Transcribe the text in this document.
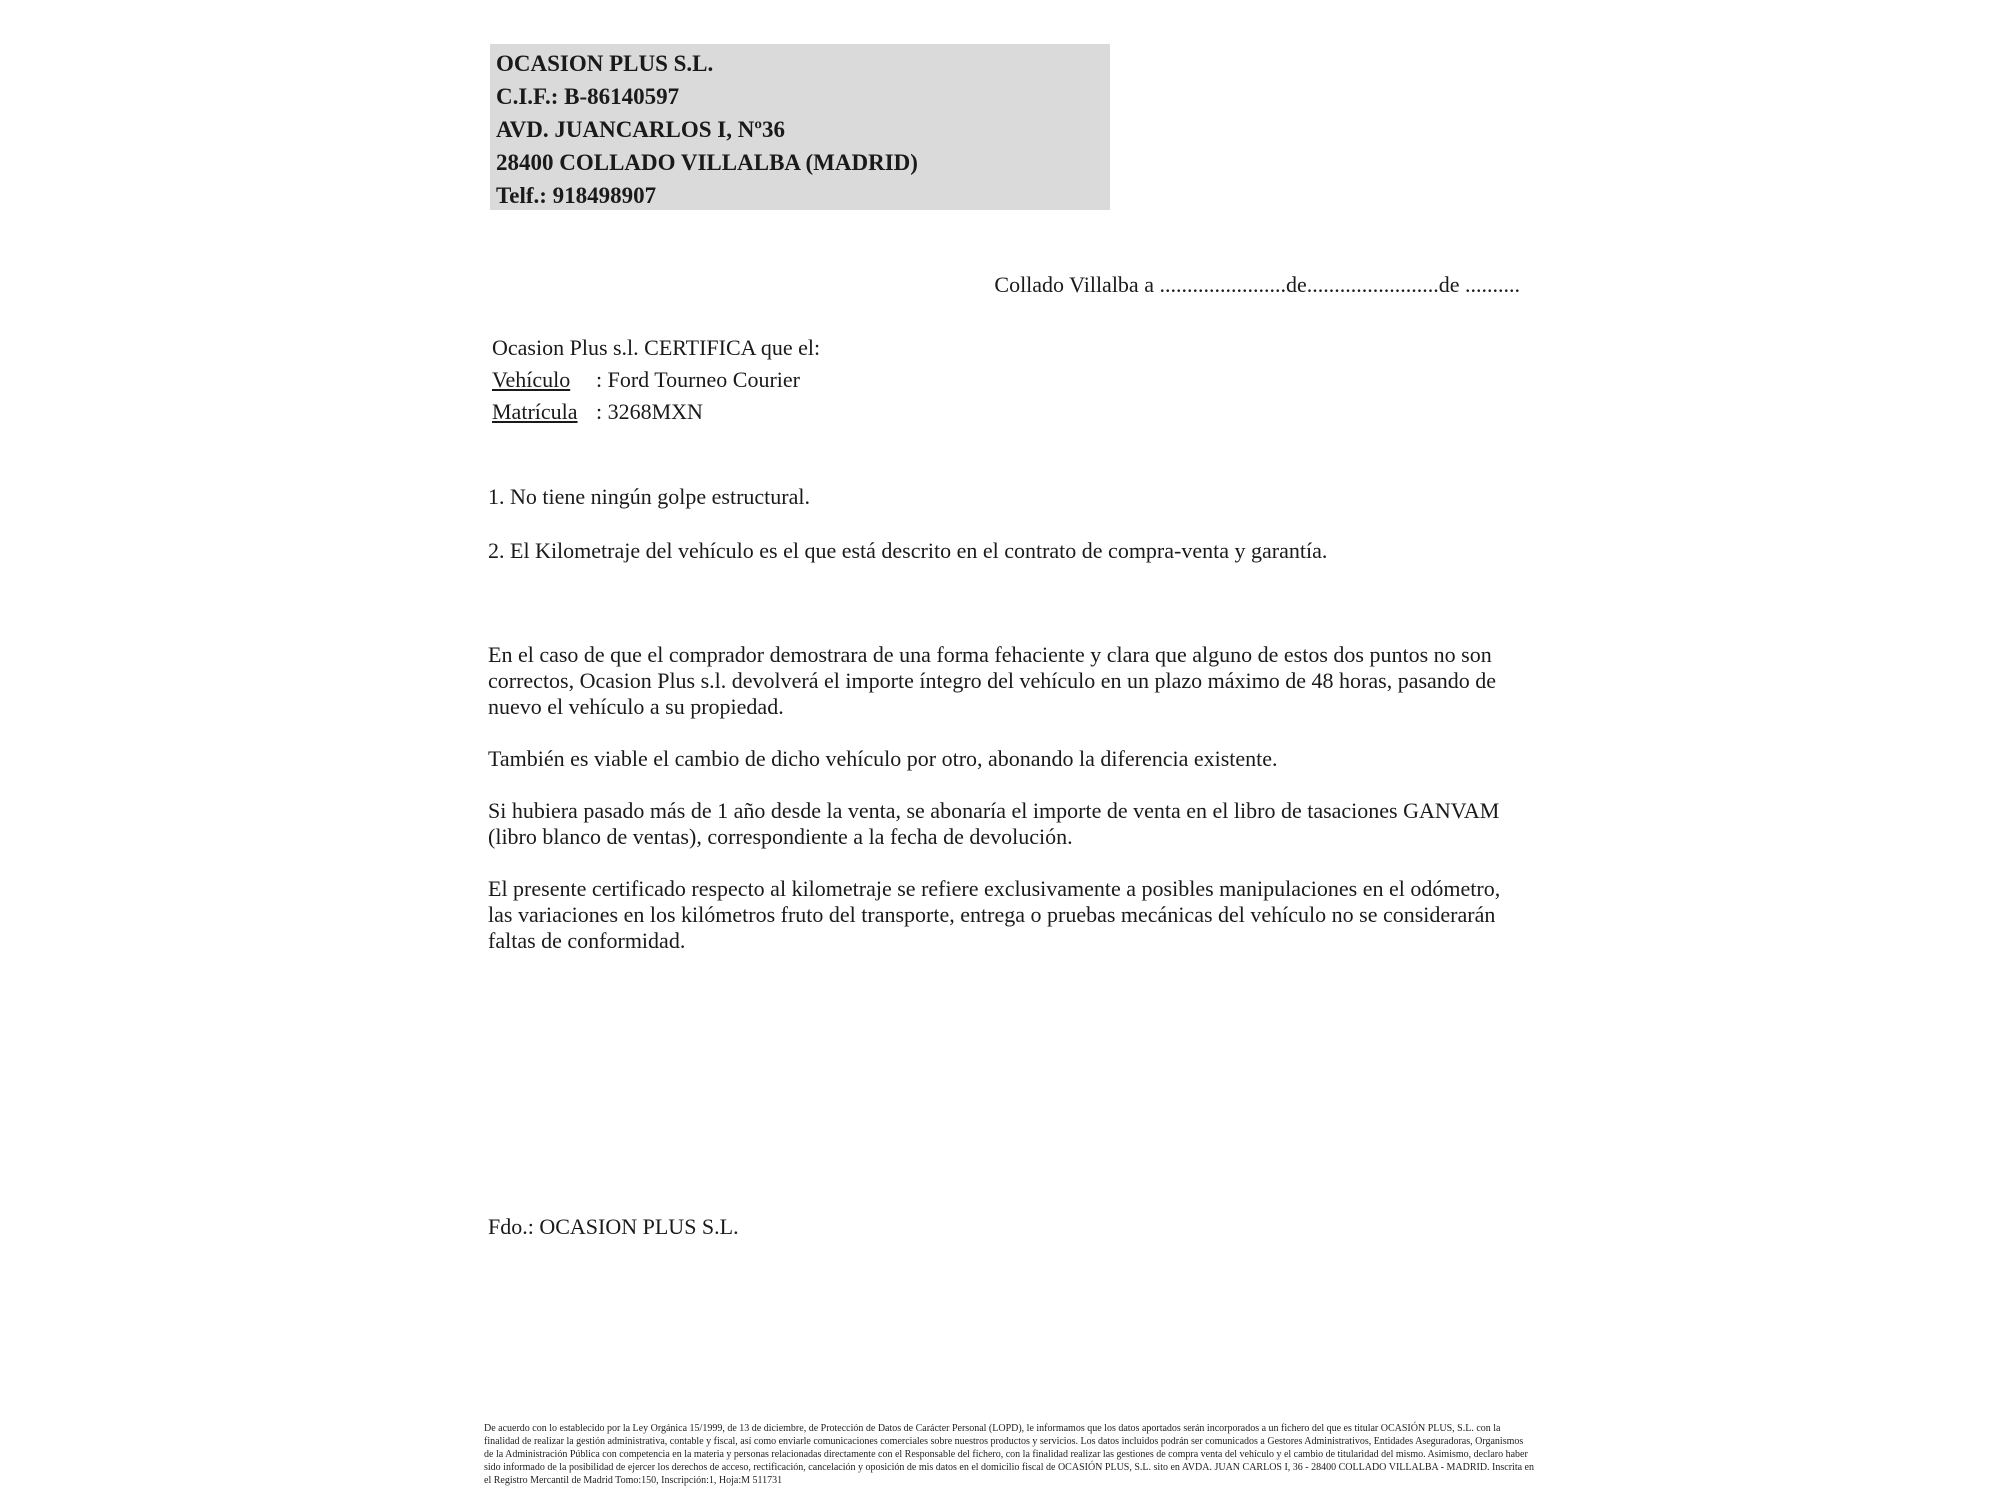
OCASION PLUS S.L.
C.I.F.: B-86140597
AVD. JUANCARLOS I, Nº36
28400 COLLADO VILLALBA (MADRID)
Telf.: 918498907
Collado Villalba a .......................de........................de ..........
Ocasion Plus s.l. CERTIFICA que el:
Vehículo	: Ford Tourneo Courier
Matrícula : 3268MXN
1. No tiene ningún golpe estructural.
2. El Kilometraje del vehículo es el que está descrito en el contrato de compra-venta y garantía.
En el caso de que el comprador demostrara de una forma fehaciente y clara que alguno de estos dos puntos no son correctos, Ocasion Plus s.l. devolverá el importe íntegro del vehículo en un plazo máximo de 48 horas, pasando de nuevo el vehículo a su propiedad.
También es viable el cambio de dicho vehículo por otro, abonando la diferencia existente.
Si hubiera pasado más de 1 año desde la venta, se abonaría el importe de venta en el libro de tasaciones GANVAM (libro blanco de ventas), correspondiente a la fecha de devolución.
El presente certificado respecto al kilometraje se refiere exclusivamente a posibles manipulaciones en el odómetro, las variaciones en los kilómetros fruto del transporte, entrega o pruebas mecánicas del vehículo no se considerarán faltas de conformidad.
Fdo.: OCASION PLUS S.L.
De acuerdo con lo establecido por la Ley Orgánica 15/1999, de 13 de diciembre, de Protección de Datos de Carácter Personal (LOPD), le informamos que los datos aportados serán incorporados a un fichero del que es titular OCASIÓN PLUS, S.L. con la finalidad de realizar la gestión administrativa, contable y fiscal, así como enviarle comunicaciones comerciales sobre nuestros productos y servicios. Los datos incluidos podrán ser comunicados a Gestores Administrativos, Entidades Aseguradoras, Organismos de la Administración Pública con competencia en la materia y personas relacionadas directamente con el Responsable del fichero, con la finalidad realizar las gestiones de compra venta del vehículo y el cambio de titularidad del mismo. Asimismo, declaro haber sido informado de la posibilidad de ejercer los derechos de acceso, rectificación, cancelación y oposición de mis datos en el domicilio fiscal de OCASIÓN PLUS, S.L. sito en AVDA. JUAN CARLOS I, 36 - 28400 COLLADO VILLALBA - MADRID. Inscrita en el Registro Mercantil de Madrid Tomo:150, Inscripción:1, Hoja:M 511731
